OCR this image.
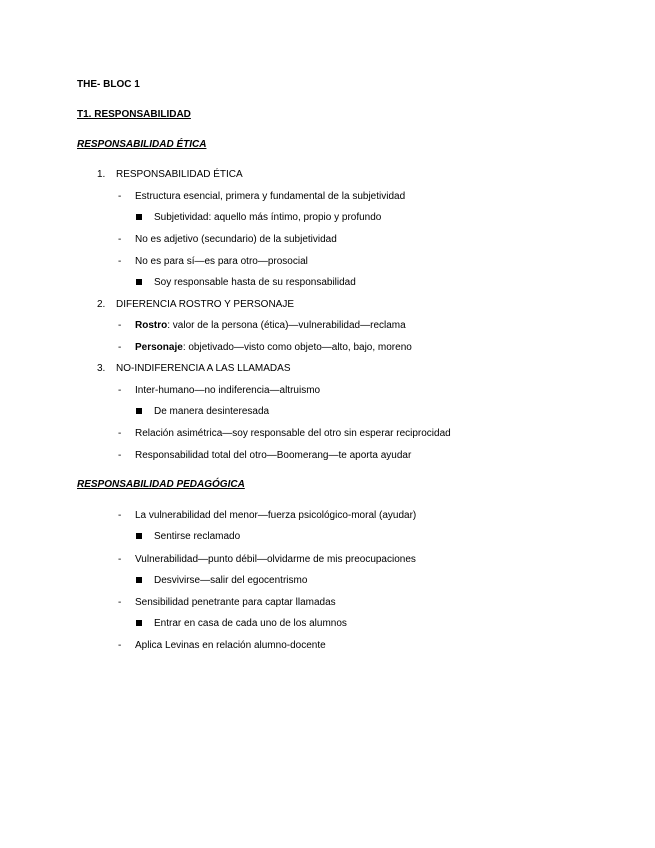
THE- BLOC 1
T1. RESPONSABILIDAD
RESPONSABILIDAD ÉTICA
1. RESPONSABILIDAD ÉTICA
- Estructura esencial, primera y fundamental de la subjetividad
Subjetividad: aquello más íntimo, propio y profundo
- No es adjetivo (secundario) de la subjetividad
- No es para sí—es para otro—prosocial
Soy responsable hasta de su responsabilidad
2. DIFERENCIA ROSTRO Y PERSONAJE
- Rostro: valor de la persona (ética)—vulnerabilidad—reclama
- Personaje: objetivado—visto como objeto—alto, bajo, moreno
3. NO-INDIFERENCIA A LAS LLAMADAS
- Inter-humano—no indiferencia—altruismo
De manera desinteresada
- Relación asimétrica—soy responsable del otro sin esperar reciprocidad
- Responsabilidad total del otro—Boomerang—te aporta ayudar
RESPONSABILIDAD PEDAGÓGICA
- La vulnerabilidad del menor—fuerza psicológico-moral (ayudar)
Sentirse reclamado
- Vulnerabilidad—punto débil—olvidarme de mis preocupaciones
Desvivirse—salir del egocentrismo
- Sensibilidad penetrante para captar llamadas
Entrar en casa de cada uno de los alumnos
- Aplica Levinas en relación alumno-docente
